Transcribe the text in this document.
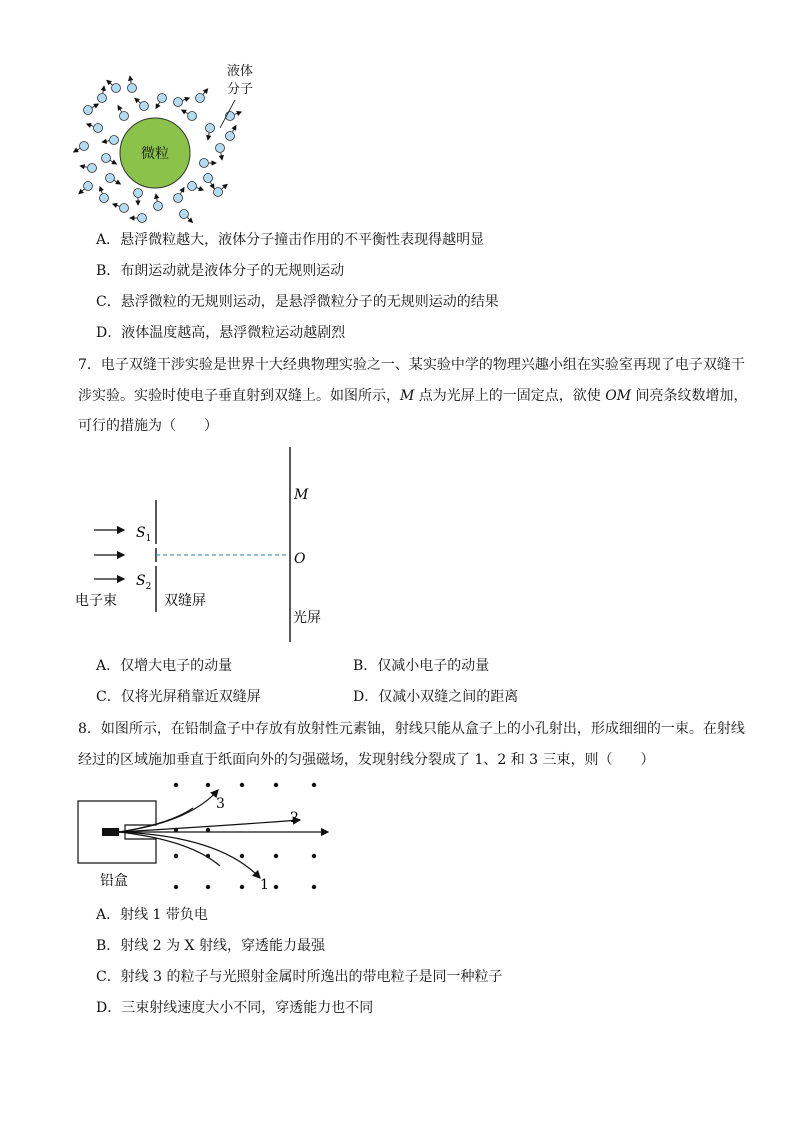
微粒
液体
分子
A．悬浮微粒越大，液体分子撞击作用的不平衡性表现得越明显
B．布朗运动就是液体分子的无规则运动
C．悬浮微粒的无规则运动，是悬浮微粒分子的无规则运动的结果
D．液体温度越高，悬浮微粒运动越剧烈
7．电子双缝干涉实验是世界十大经典物理实验之一、某实验中学的物理兴趣小组在实验室再现了电子双缝干
涉实验。实验时使电子垂直射到双缝上。如图所示，M 点为光屏上的一固定点，欲使 OM 间亮条纹数增加，
可行的措施为（　　）
$S_1$
$S_2$
M
O
电子束	双缝屏
光屏
A．仅增大电子的动量	B．仅减小电子的动量
C．仅将光屏稍靠近双缝屏	D．仅减小双缝之间的距离
8．如图所示，在铅制盒子中存放有放射性元素铀，射线只能从盒子上的小孔射出，形成细细的一束。在射线
经过的区域施加垂直于纸面向外的匀强磁场，发现射线分裂成了 1、2 和 3 三束，则（　　）
3
2
1
铅盒
A．射线 1 带负电
B．射线 2 为 X 射线，穿透能力最强
C．射线 3 的粒子与光照射金属时所逸出的带电粒子是同一种粒子
D．三束射线速度大小不同，穿透能力也不同
